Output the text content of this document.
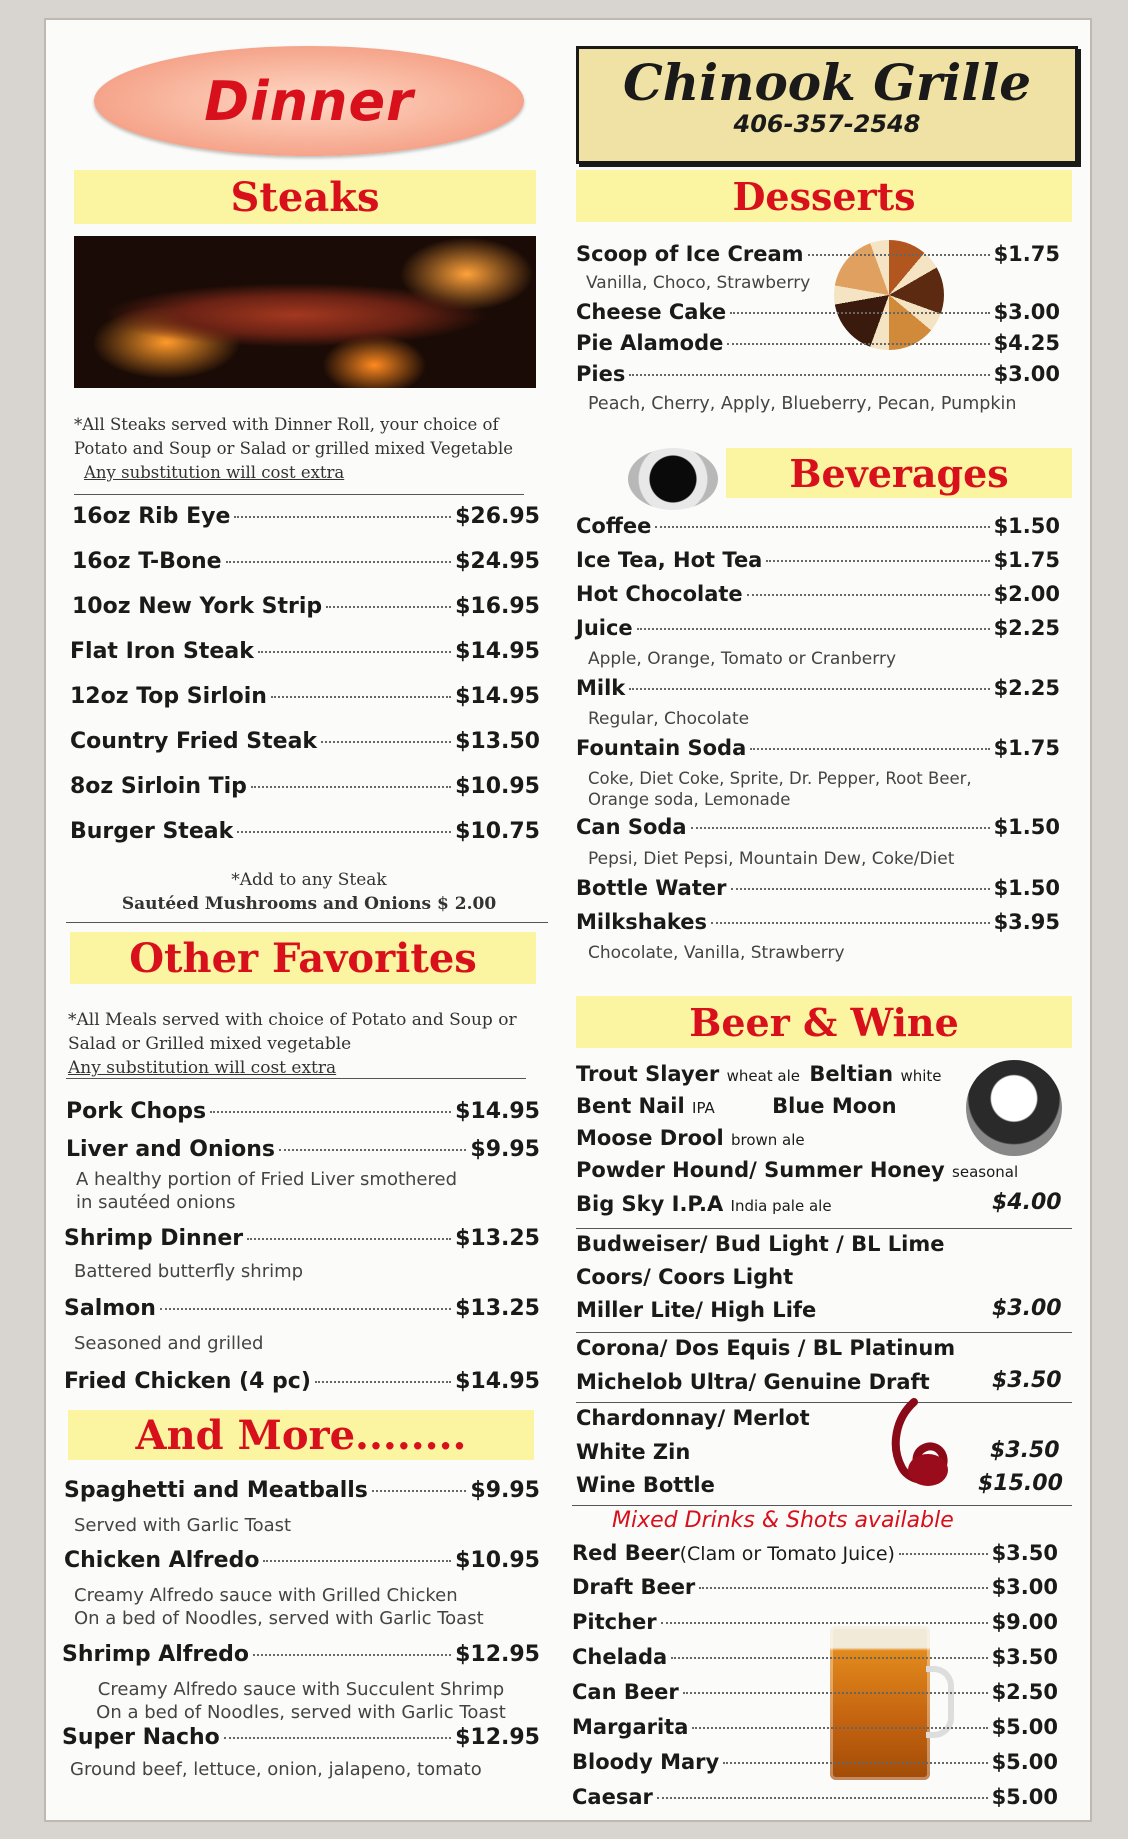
Dinner
Steaks
*All Steaks served with Dinner Roll, your choice of
Potato and Soup or Salad or grilled mixed Vegetable
Any substitution will cost extra
16oz Rib Eye	$26.95
16oz T-Bone	$24.95
10oz New York Strip	$16.95
Flat Iron Steak	$14.95
12oz Top Sirloin	$14.95
Country Fried Steak	$13.50
8oz Sirloin Tip	$10.95
Burger Steak	$10.75
*Add to any Steak
Sautéed Mushrooms and Onions $ 2.00
Other Favorites
*All Meals served with choice of Potato and Soup or
Salad or Grilled mixed vegetable
Any substitution will cost extra
Pork Chops	$14.95
Liver and Onions	$9.95
A healthy portion of Fried Liver smothered
in sautéed onions
Shrimp Dinner	$13.25
Battered butterfly shrimp
Salmon	$13.25
Seasoned and grilled
Fried Chicken (4 pc)	$14.95
And More........
Spaghetti and Meatballs	$9.95
Served with Garlic Toast
Chicken Alfredo	$10.95
Creamy Alfredo sauce with Grilled Chicken
On a bed of Noodles, served with Garlic Toast
Shrimp Alfredo	$12.95
Creamy Alfredo sauce with Succulent Shrimp
On a bed of Noodles, served with Garlic Toast
Super Nacho	$12.95
Ground beef, lettuce, onion, jalapeno, tomato
Chinook Grille
406-357-2548
Desserts
Scoop of Ice Cream	$1.75
Vanilla, Choco, Strawberry
Cheese Cake	$3.00
Pie Alamode	$4.25
Pies	$3.00
Peach, Cherry, Apply, Blueberry, Pecan, Pumpkin
Beverages
Coffee	$1.50
Ice Tea, Hot Tea	$1.75
Hot Chocolate	$2.00
Juice	$2.25
Apple, Orange, Tomato or Cranberry
Milk	$2.25
Regular, Chocolate
Fountain Soda	$1.75
Coke, Diet Coke, Sprite, Dr. Pepper, Root Beer,
Orange soda, Lemonade
Can Soda	$1.50
Pepsi, Diet Pepsi, Mountain Dew, Coke/Diet
Bottle Water	$1.50
Milkshakes	$3.95
Chocolate, Vanilla, Strawberry
Beer & Wine
Trout Slayer wheat ale Beltian white
Bent Nail IPA	Blue Moon
Moose Drool brown ale
Powder Hound/ Summer Honey seasonal
Big Sky I.P.A India pale ale	$4.00
Budweiser/ Bud Light / BL Lime
Coors/ Coors Light
Miller Lite/ High Life	$3.00
Corona/ Dos Equis / BL Platinum
Michelob Ultra/ Genuine Draft	$3.50
Chardonnay/ Merlot
White Zin	$3.50
Wine Bottle	$15.00
Mixed Drinks & Shots available
Red Beer(Clam or Tomato Juice)	$3.50
Draft Beer	$3.00
Pitcher	$9.00
Chelada	$3.50
Can Beer	$2.50
Margarita	$5.00
Bloody Mary	$5.00
Caesar	$5.00
